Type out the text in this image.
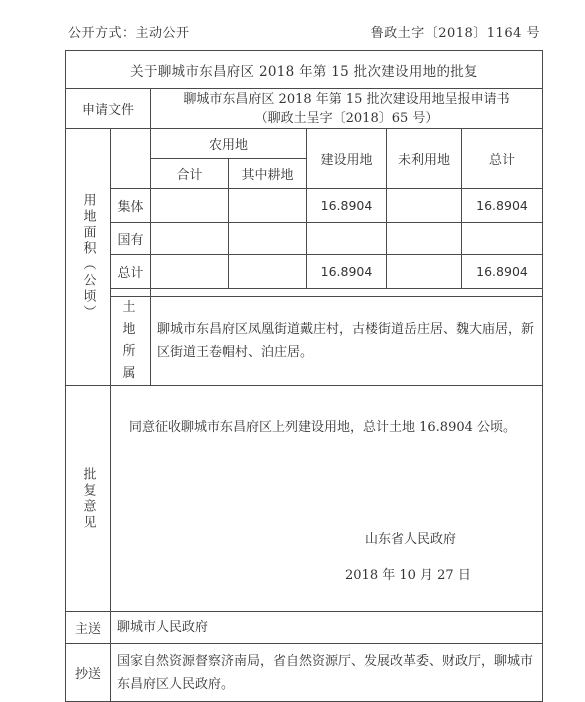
公开方式：主动公开	鲁政土字〔2018〕1164 号
关于聊城市东昌府区 2018 年第 15 批次建设用地的批复						
申请文件		聊城市东昌府区 2018 年第 15 批次建设用地呈报申请书
（聊政土呈字〔2018〕65 号）				

用地面积（公顷）		农用地		建设用地	未利用地	总计
		合计	其中耕地			
	集体			16.8904		16.8904
	国有					
	总计			16.8904		16.8904

	土地所属	聊城市东昌府区凤凰街道戴庄村，古楼街道岳庄居、魏大庙居，新区街道王卷帽村、泊庄居。				

批复意见	同意征收聊城市东昌府区上列建设用地，总计土地 16.8904 公顷。
山东省人民政府
2018 年 10 月 27 日					

主送	聊城市人民政府					
抄送	国家自然资源督察济南局，省自然资源厅、发展改革委、财政厅，聊城市东昌府区人民政府。					
